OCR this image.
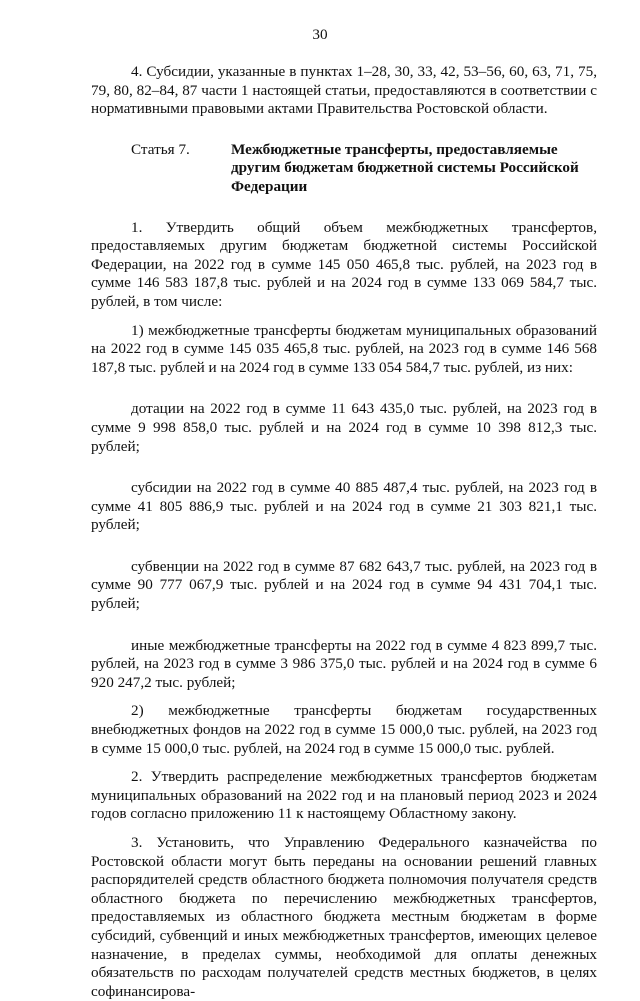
30

4. Субсидии, указанные в пунктах 1–28, 30, 33, 42, 53–56, 60, 63, 71, 75, 79, 80, 82–84, 87 части 1 настоящей статьи, предоставляются в соответствии с нормативными правовыми актами Правительства Ростовской области.

Статья 7.	Межбюджетные трансферты, предоставляемые другим бюджетам бюджетной системы Российской Федерации

1. Утвердить общий объем межбюджетных трансфертов, предоставляемых другим бюджетам бюджетной системы Российской Федерации, на 2022 год в сумме 145 050 465,8 тыс. рублей, на 2023 год в сумме 146 583 187,8 тыс. рублей и на 2024 год в сумме 133 069 584,7 тыс. рублей, в том числе:

1) межбюджетные трансферты бюджетам муниципальных образований на 2022 год в сумме 145 035 465,8 тыс. рублей, на 2023 год в сумме 146 568 187,8 тыс. рублей и на 2024 год в сумме 133 054 584,7 тыс. рублей, из них:

дотации на 2022 год в сумме 11 643 435,0 тыс. рублей, на 2023 год в сумме 9 998 858,0 тыс. рублей и на 2024 год в сумме 10 398 812,3 тыс. рублей;

субсидии на 2022 год в сумме 40 885 487,4 тыс. рублей, на 2023 год в сумме 41 805 886,9 тыс. рублей и на 2024 год в сумме 21 303 821,1 тыс. рублей;

субвенции на 2022 год в сумме 87 682 643,7 тыс. рублей, на 2023 год в сумме 90 777 067,9 тыс. рублей и на 2024 год в сумме 94 431 704,1 тыс. рублей;

иные межбюджетные трансферты на 2022 год в сумме 4 823 899,7 тыс. рублей, на 2023 год в сумме 3 986 375,0 тыс. рублей и на 2024 год в сумме 6 920 247,2 тыс. рублей;

2) межбюджетные трансферты бюджетам государственных внебюджетных фондов на 2022 год в сумме 15 000,0 тыс. рублей, на 2023 год в сумме 15 000,0 тыс. рублей, на 2024 год в сумме 15 000,0 тыс. рублей.

2. Утвердить распределение межбюджетных трансфертов бюджетам муниципальных образований на 2022 год и на плановый период 2023 и 2024 годов согласно приложению 11 к настоящему Областному закону.

3. Установить, что Управлению Федерального казначейства по Ростовской области могут быть переданы на основании решений главных распорядителей средств областного бюджета полномочия получателя средств областного бюджета по перечислению межбюджетных трансфертов, предоставляемых из областного бюджета местным бюджетам в форме субсидий, субвенций и иных межбюджетных трансфертов, имеющих целевое назначение, в пределах суммы, необходимой для оплаты денежных обязательств по расходам получателей средств местных бюджетов, в целях софинансирова-
